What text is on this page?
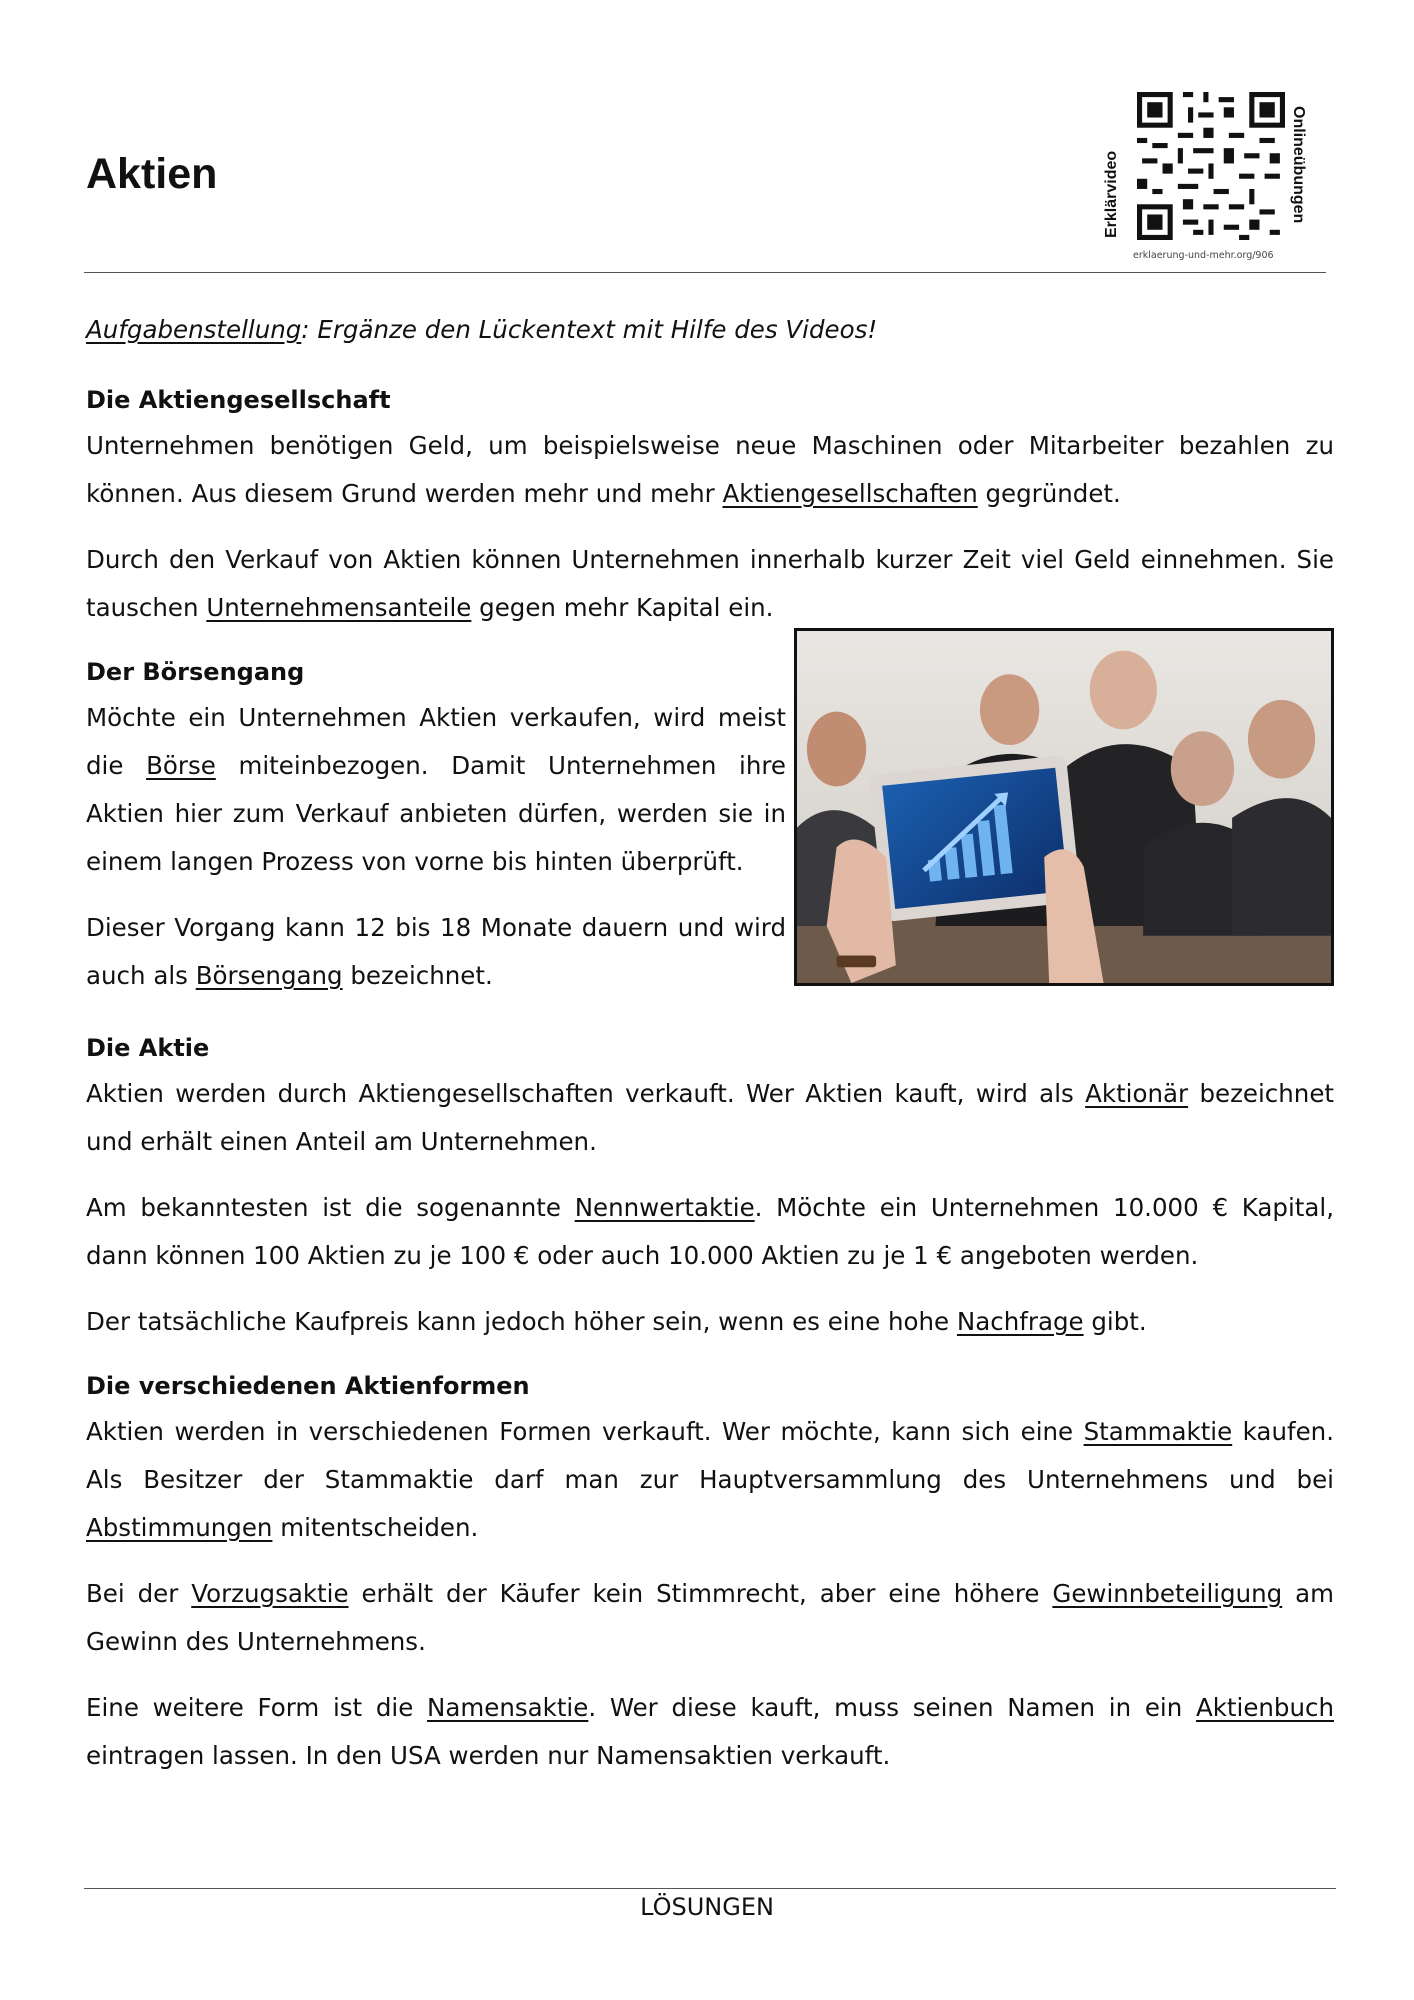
Aktien	Erklärvideo	Onlineübungen
erklaerung-und-mehr.org/906

Aufgabenstellung: Ergänze den Lückentext mit Hilfe des Videos!

Die Aktiengesellschaft

Unternehmen benötigen Geld, um beispielsweise neue Maschinen oder Mitarbeiter bezahlen zu können. Aus diesem Grund werden mehr und mehr Aktiengesellschaften gegründet.

Durch den Verkauf von Aktien können Unternehmen innerhalb kurzer Zeit viel Geld einnehmen. Sie tauschen Unternehmensanteile gegen mehr Kapital ein.

Der Börsengang

Möchte ein Unternehmen Aktien verkaufen, wird meist die Börse miteinbezogen. Damit Unternehmen ihre Aktien hier zum Verkauf anbieten dürfen, werden sie in einem langen Prozess von vorne bis hinten überprüft.

Dieser Vorgang kann 12 bis 18 Monate dauern und wird auch als Börsengang bezeichnet.

Die Aktie

Aktien werden durch Aktiengesellschaften verkauft. Wer Aktien kauft, wird als Aktionär bezeichnet und erhält einen Anteil am Unternehmen.

Am bekanntesten ist die sogenannte Nennwertaktie. Möchte ein Unternehmen 10.000 € Kapital, dann können 100 Aktien zu je 100 € oder auch 10.000 Aktien zu je 1 € angeboten werden.

Der tatsächliche Kaufpreis kann jedoch höher sein, wenn es eine hohe Nachfrage gibt.

Die verschiedenen Aktienformen

Aktien werden in verschiedenen Formen verkauft. Wer möchte, kann sich eine Stammaktie kaufen. Als Besitzer der Stammaktie darf man zur Hauptversammlung des Unternehmens und bei Abstimmungen mitentscheiden.

Bei der Vorzugsaktie erhält der Käufer kein Stimmrecht, aber eine höhere Gewinnbeteiligung am Gewinn des Unternehmens.

Eine weitere Form ist die Namensaktie. Wer diese kauft, muss seinen Namen in ein Aktienbuch eintragen lassen. In den USA werden nur Namensaktien verkauft.

LÖSUNGEN
